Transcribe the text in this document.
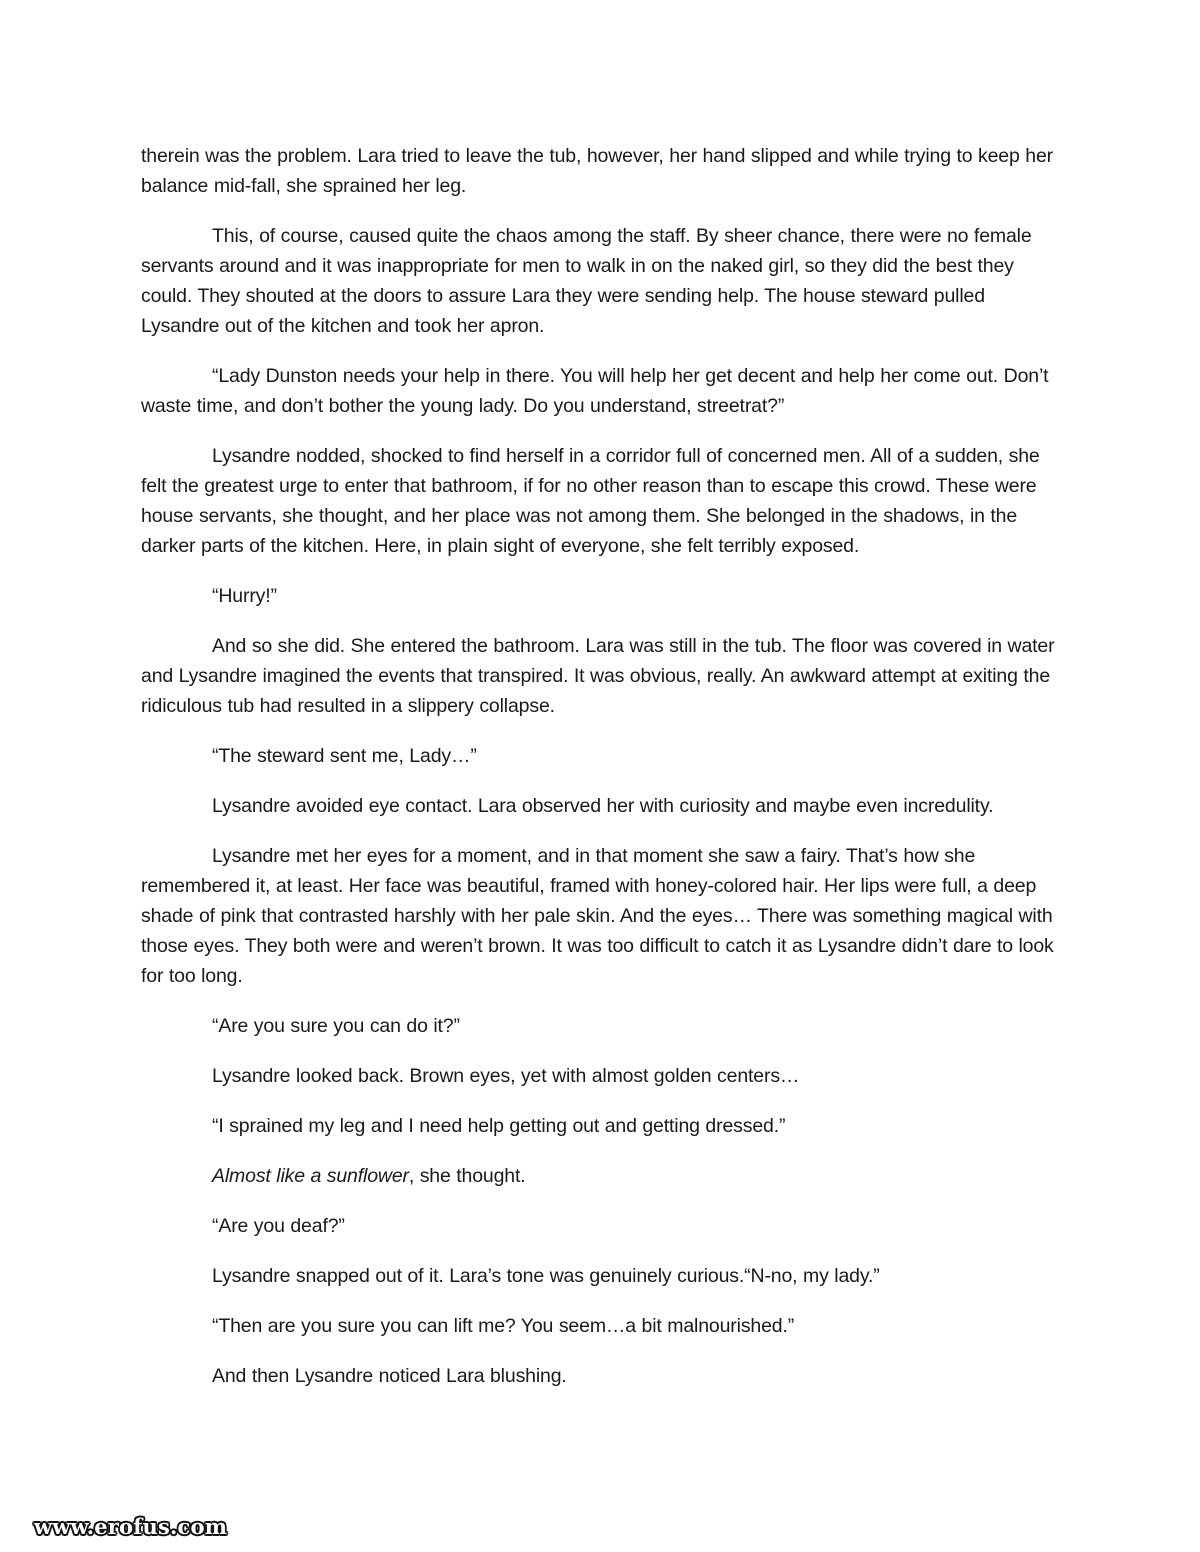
therein was the problem. Lara tried to leave the tub, however, her hand slipped and while trying to keep her balance mid-fall, she sprained her leg.

This, of course, caused quite the chaos among the staff. By sheer chance, there were no female servants around and it was inappropriate for men to walk in on the naked girl, so they did the best they could. They shouted at the doors to assure Lara they were sending help. The house steward pulled Lysandre out of the kitchen and took her apron.

“Lady Dunston needs your help in there. You will help her get decent and help her come out. Don’t waste time, and don’t bother the young lady. Do you understand, streetrat?”

Lysandre nodded, shocked to find herself in a corridor full of concerned men. All of a sudden, she felt the greatest urge to enter that bathroom, if for no other reason than to escape this crowd. These were house servants, she thought, and her place was not among them. She belonged in the shadows, in the darker parts of the kitchen. Here, in plain sight of everyone, she felt terribly exposed.

“Hurry!”

And so she did. She entered the bathroom. Lara was still in the tub. The floor was covered in water and Lysandre imagined the events that transpired. It was obvious, really. An awkward attempt at exiting the ridiculous tub had resulted in a slippery collapse.

“The steward sent me, Lady…”

Lysandre avoided eye contact. Lara observed her with curiosity and maybe even incredulity.

Lysandre met her eyes for a moment, and in that moment she saw a fairy. That’s how she remembered it, at least. Her face was beautiful, framed with honey-colored hair. Her lips were full, a deep shade of pink that contrasted harshly with her pale skin. And the eyes… There was something magical with those eyes. They both were and weren’t brown. It was too difficult to catch it as Lysandre didn’t dare to look for too long.

“Are you sure you can do it?”

Lysandre looked back. Brown eyes, yet with almost golden centers…

“I sprained my leg and I need help getting out and getting dressed.”

Almost like a sunflower, she thought.

“Are you deaf?”

Lysandre snapped out of it. Lara’s tone was genuinely curious.“N-no, my lady.”

“Then are you sure you can lift me? You seem…a bit malnourished.”

And then Lysandre noticed Lara blushing.

www.erofus.com
